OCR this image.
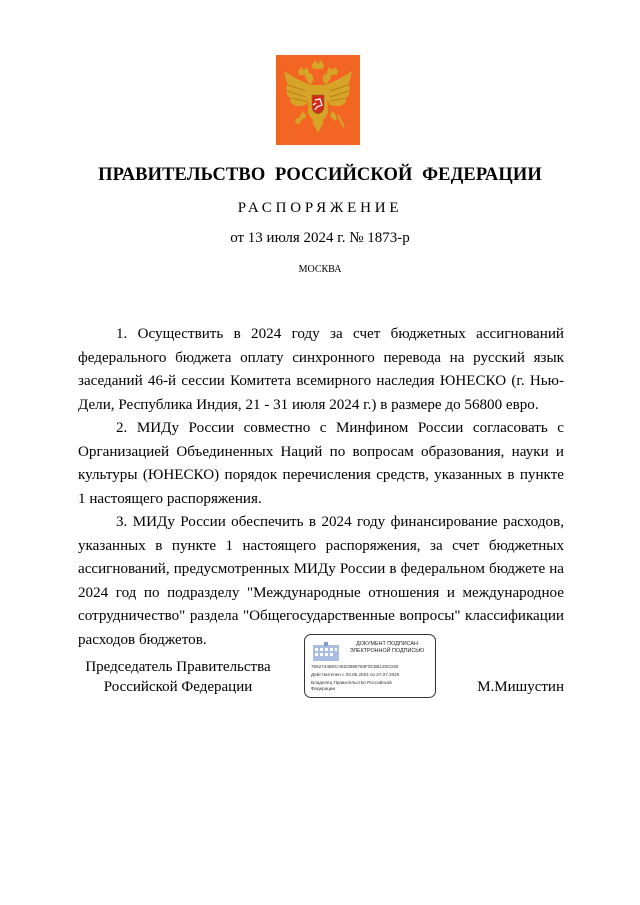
ПРАВИТЕЛЬСТВО РОССИЙСКОЙ ФЕДЕРАЦИИ
РАСПОРЯЖЕНИЕ
от 13 июля 2024 г. № 1873-р
МОСКВА

1. Осуществить в 2024 году за счет бюджетных ассигнований федерального бюджета оплату синхронного перевода на русский язык заседаний 46-й сессии Комитета всемирного наследия ЮНЕСКО (г. Нью-Дели, Республика Индия, 21 - 31 июля 2024 г.) в размере до 56800 евро.

2. МИДу России совместно с Минфином России согласовать с Организацией Объединенных Наций по вопросам образования, науки и культуры (ЮНЕСКО) порядок перечисления средств, указанных в пункте 1 настоящего распоряжения.

3. МИДу России обеспечить в 2024 году финансирование расходов, указанных в пункте 1 настоящего распоряжения, за счет бюджетных ассигнований, предусмотренных МИДу России в федеральном бюджете на 2024 год по подразделу "Международные отношения и международное сотрудничество" раздела "Общегосударственные вопросы" классификации расходов бюджетов.

Председатель Правительства
Российской Федерации
ДОКУМЕНТ ПОДПИСАН
ЭЛЕКТРОННОЙ ПОДПИСЬЮ
7662744B0CAED3996783F0CB8125C036
Действителен с 03.05.2024 по 27.07.2025
Владелец Правительство Российской
Федерации	М.Мишустин
